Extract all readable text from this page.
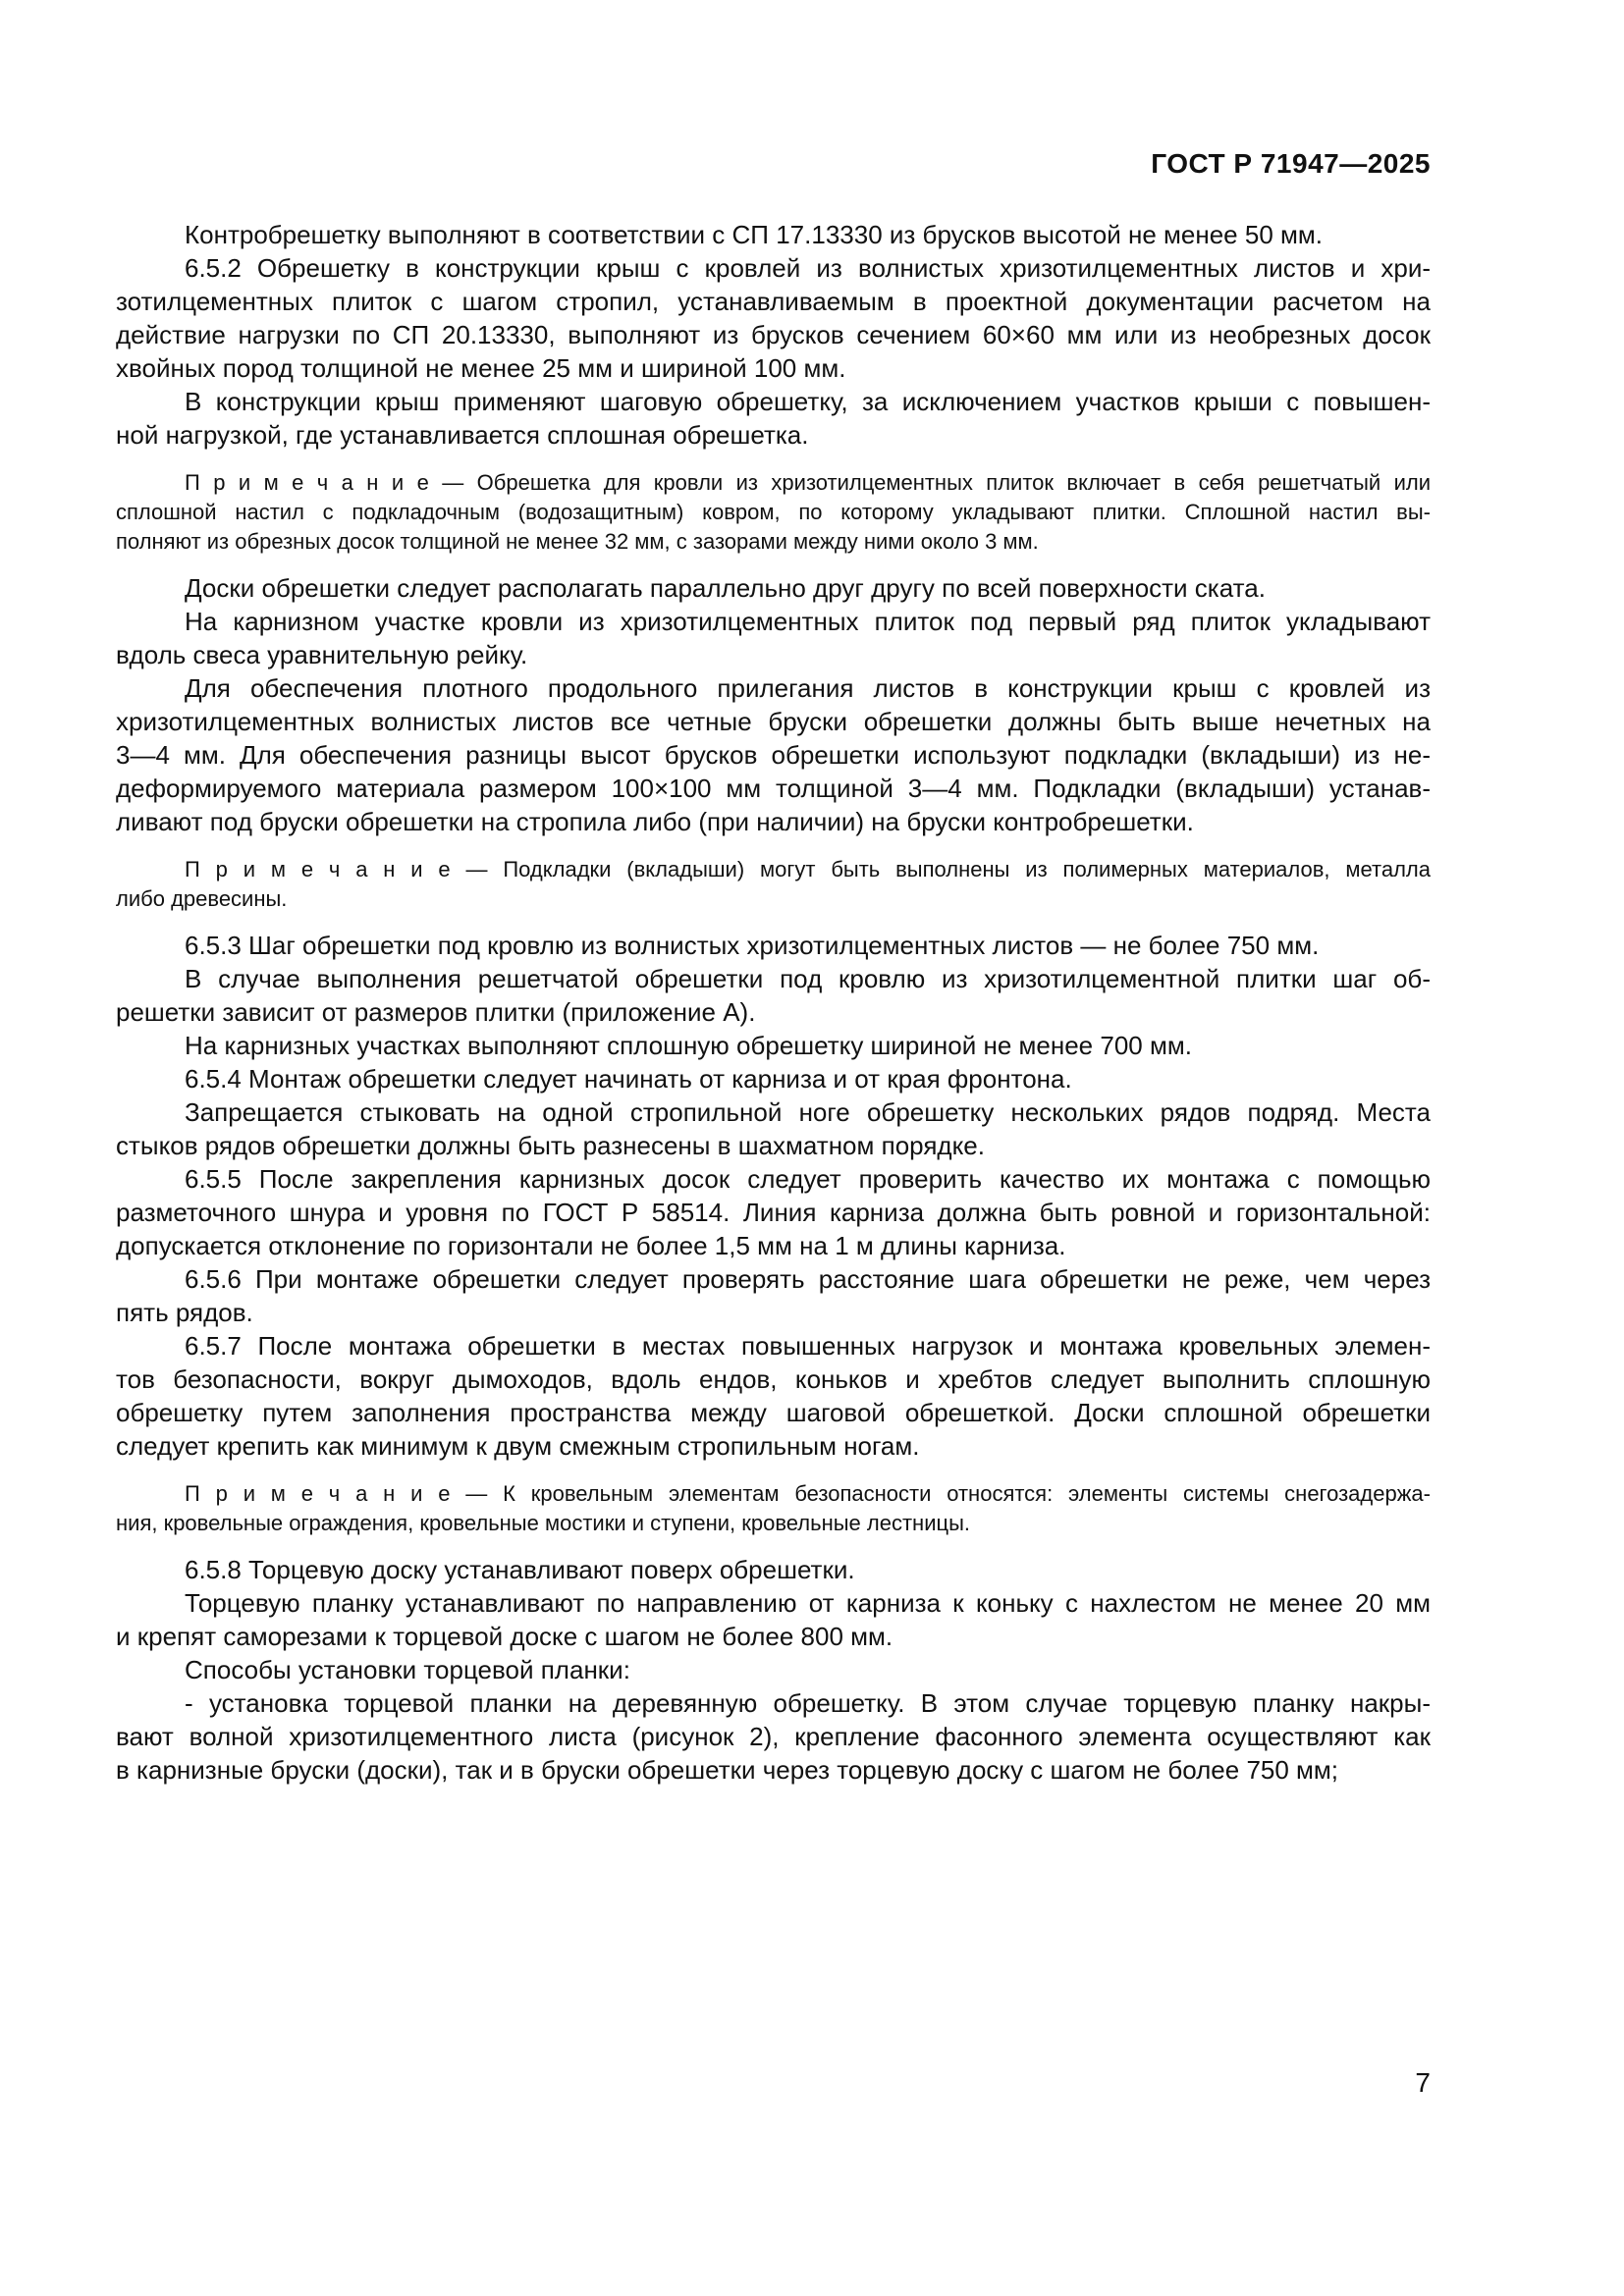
ГОСТ Р 71947—2025
Контробрешетку выполняют в соответствии с СП 17.13330 из брусков высотой не менее 50 мм.
6.5.2 Обрешетку в конструкции крыш с кровлей из волнистых хризотилцементных листов и хри-
зотилцементных плиток с шагом стропил, устанавливаемым в проектной документации расчетом на
действие нагрузки по СП 20.13330, выполняют из брусков сечением 60×60 мм или из необрезных досок
хвойных пород толщиной не менее 25 мм и шириной 100 мм.
В конструкции крыш применяют шаговую обрешетку, за исключением участков крыши с повышен-
ной нагрузкой, где устанавливается сплошная обрешетка.
П р и м е ч а н и е — Обрешетка для кровли из хризотилцементных плиток включает в себя решетчатый или
сплошной настил с подкладочным (водозащитным) ковром, по которому укладывают плитки. Сплошной настил вы-
полняют из обрезных досок толщиной не менее 32 мм, с зазорами между ними около 3 мм.
Доски обрешетки следует располагать параллельно друг другу по всей поверхности ската.
На карнизном участке кровли из хризотилцементных плиток под первый ряд плиток укладывают
вдоль свеса уравнительную рейку.
Для обеспечения плотного продольного прилегания листов в конструкции крыш с кровлей из
хризотилцементных волнистых листов все четные бруски обрешетки должны быть выше нечетных на
3—4 мм. Для обеспечения разницы высот брусков обрешетки используют подкладки (вкладыши) из не-
деформируемого материала размером 100×100 мм толщиной 3—4 мм. Подкладки (вкладыши) устанав-
ливают под бруски обрешетки на стропила либо (при наличии) на бруски контробрешетки.
П р и м е ч а н и е — Подкладки (вкладыши) могут быть выполнены из полимерных материалов, металла
либо древесины.
6.5.3 Шаг обрешетки под кровлю из волнистых хризотилцементных листов — не более 750 мм.
В случае выполнения решетчатой обрешетки под кровлю из хризотилцементной плитки шаг об-
решетки зависит от размеров плитки (приложение А).
На карнизных участках выполняют сплошную обрешетку шириной не менее 700 мм.
6.5.4 Монтаж обрешетки следует начинать от карниза и от края фронтона.
Запрещается стыковать на одной стропильной ноге обрешетку нескольких рядов подряд. Места
стыков рядов обрешетки должны быть разнесены в шахматном порядке.
6.5.5 После закрепления карнизных досок следует проверить качество их монтажа с помощью
разметочного шнура и уровня по ГОСТ Р 58514. Линия карниза должна быть ровной и горизонтальной:
допускается отклонение по горизонтали не более 1,5 мм на 1 м длины карниза.
6.5.6 При монтаже обрешетки следует проверять расстояние шага обрешетки не реже, чем через
пять рядов.
6.5.7 После монтажа обрешетки в местах повышенных нагрузок и монтажа кровельных элемен-
тов безопасности, вокруг дымоходов, вдоль ендов, коньков и хребтов следует выполнить сплошную
обрешетку путем заполнения пространства между шаговой обрешеткой. Доски сплошной обрешетки
следует крепить как минимум к двум смежным стропильным ногам.
П р и м е ч а н и е — К кровельным элементам безопасности относятся: элементы системы снегозадержа-
ния, кровельные ограждения, кровельные мостики и ступени, кровельные лестницы.
6.5.8 Торцевую доску устанавливают поверх обрешетки.
Торцевую планку устанавливают по направлению от карниза к коньку с нахлестом не менее 20 мм
и крепят саморезами к торцевой доске с шагом не более 800 мм.
Способы установки торцевой планки:
- установка торцевой планки на деревянную обрешетку. В этом случае торцевую планку накры-
вают волной хризотилцементного листа (рисунок 2), крепление фасонного элемента осуществляют как
в карнизные бруски (доски), так и в бруски обрешетки через торцевую доску с шагом не более 750 мм;
7
